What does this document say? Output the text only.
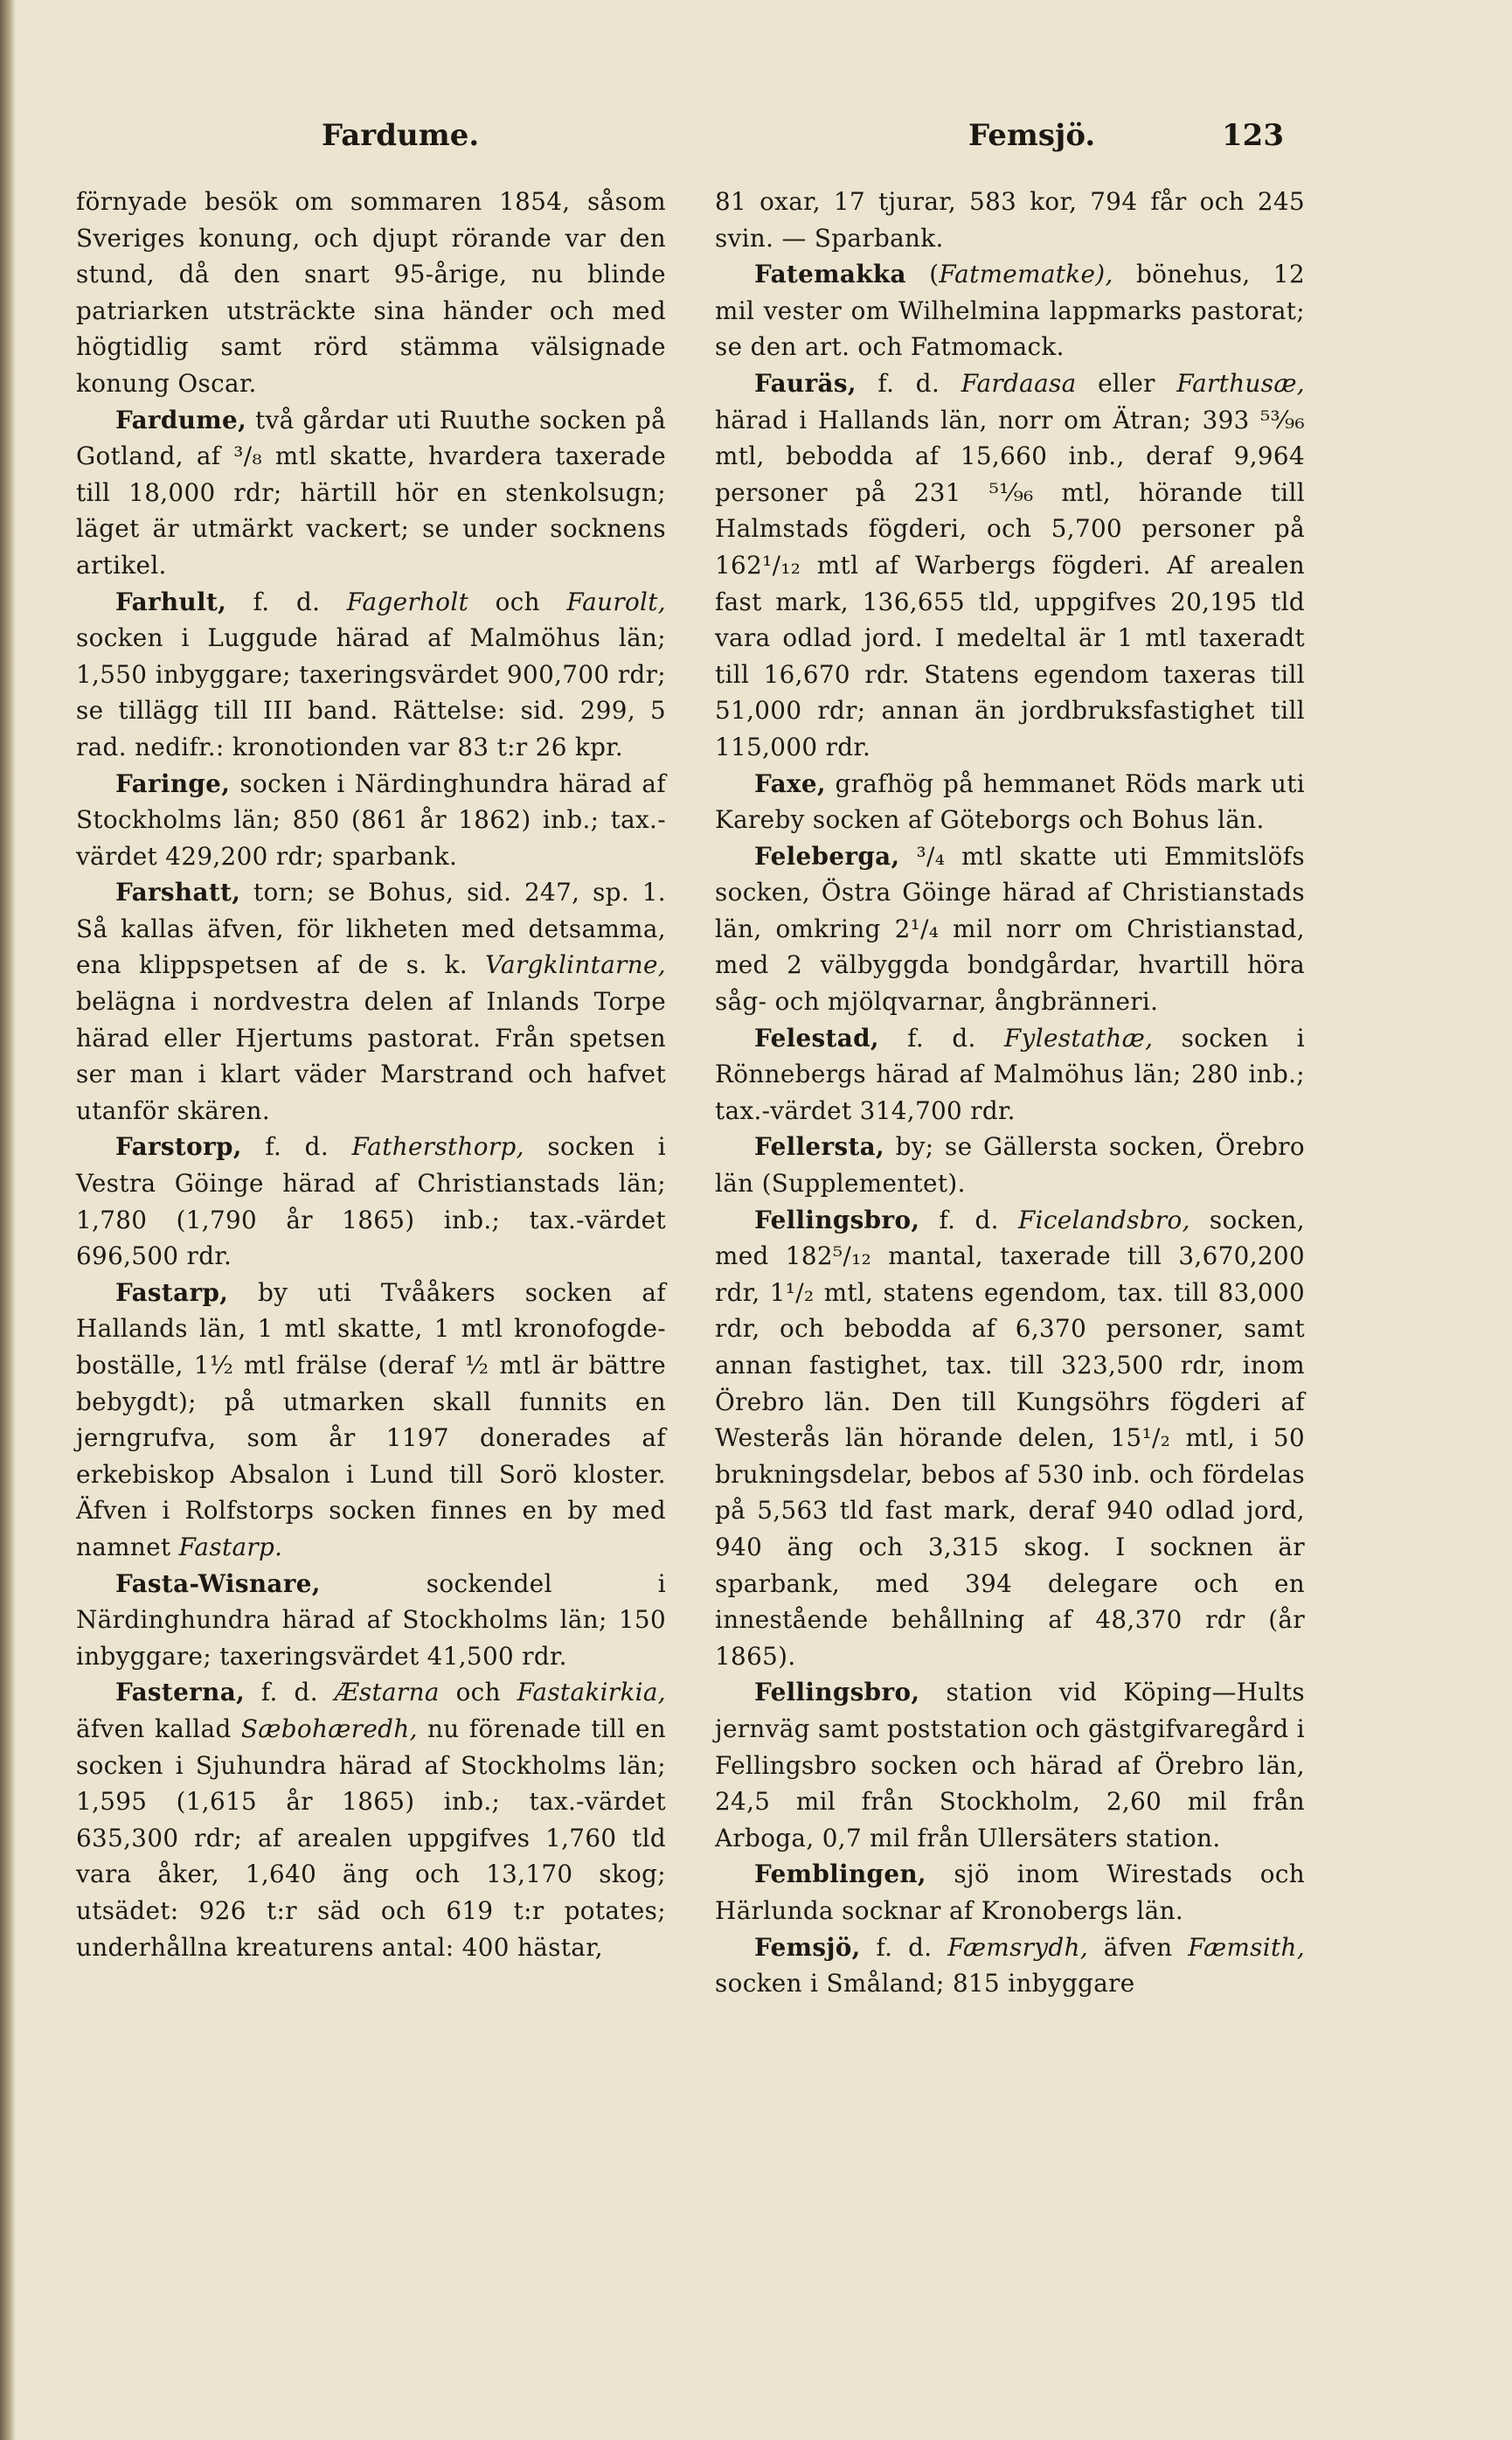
Fardume.	Femsjö.	123

förnyade besök om sommaren 1854, såsom Sveriges konung, och djupt rörande var den stund, då den snart 95-årige, nu blinde patriarken utsträckte sina händer och med högtidlig samt rörd stämma välsignade konung Oscar.

Fardume, två gårdar uti Ruuthe socken på Gotland, af ³/₈ mtl skatte, hvardera taxerade till 18,000 rdr; härtill hör en stenkolsugn; läget är utmärkt vackert; se under socknens artikel.

Farhult, f. d. Fagerholt och Faurolt, socken i Luggude härad af Malmöhus län; 1,550 inbyggare; taxeringsvärdet 900,700 rdr; se tillägg till III band. Rättelse: sid. 299, 5 rad. nedifr.: kronotionden var 83 t:r 26 kpr.

Faringe, socken i Närdinghundra härad af Stockholms län; 850 (861 år 1862) inb.; tax.-värdet 429,200 rdr; sparbank.

Farshatt, torn; se Bohus, sid. 247, sp. 1. Så kallas äfven, för likheten med detsamma, ena klippspetsen af de s. k. Vargklintarne, belägna i nordvestra delen af Inlands Torpe härad eller Hjertums pastorat. Från spetsen ser man i klart väder Marstrand och hafvet utanför skären.

Farstorp, f. d. Fathersthorp, socken i Vestra Göinge härad af Christianstads län; 1,780 (1,790 år 1865) inb.; tax.-värdet 696,500 rdr.

Fastarp, by uti Tvååkers socken af Hallands län, 1 mtl skatte, 1 mtl kronofogde-boställe, 1½ mtl frälse (deraf ½ mtl är bättre bebygdt); på utmarken skall funnits en jerngrufva, som år 1197 donerades af erkebiskop Absalon i Lund till Sorö kloster. Äfven i Rolfstorps socken finnes en by med namnet Fastarp.

Fasta-Wisnare, sockendel i Närdinghundra härad af Stockholms län; 150 inbyggare; taxeringsvärdet 41,500 rdr.

Fasterna, f. d. Æstarna och Fastakirkia, äfven kallad Sæbohæredh, nu förenade till en socken i Sjuhundra härad af Stockholms län; 1,595 (1,615 år 1865) inb.; tax.-värdet 635,300 rdr; af arealen uppgifves 1,760 tld vara åker, 1,640 äng och 13,170 skog; utsädet: 926 t:r säd och 619 t:r potates; underhållna kreaturens antal: 400 hästar,

81 oxar, 17 tjurar, 583 kor, 794 får och 245 svin. — Sparbank.

Fatemakka (Fatmematke), bönehus, 12 mil vester om Wilhelmina lappmarks pastorat; se den art. och Fatmomack.

Fauräs, f. d. Fardaasa eller Farthusæ, härad i Hallands län, norr om Ätran; 393 ⁵³⁄₉₆ mtl, bebodda af 15,660 inb., deraf 9,964 personer på 231 ⁵¹⁄₉₆ mtl, hörande till Halmstads fögderi, och 5,700 personer på 162¹/₁₂ mtl af Warbergs fögderi. Af arealen fast mark, 136,655 tld, uppgifves 20,195 tld vara odlad jord. I medeltal är 1 mtl taxeradt till 16,670 rdr. Statens egendom taxeras till 51,000 rdr; annan än jordbruksfastighet till 115,000 rdr.

Faxe, grafhög på hemmanet Röds mark uti Kareby socken af Göteborgs och Bohus län.

Feleberga, ³/₄ mtl skatte uti Emmitslöfs socken, Östra Göinge härad af Christianstads län, omkring 2¹/₄ mil norr om Christianstad, med 2 välbyggda bondgårdar, hvartill höra såg- och mjölqvarnar, ångbränneri.

Felestad, f. d. Fylestathæ, socken i Rönnebergs härad af Malmöhus län; 280 inb.; tax.-värdet 314,700 rdr.

Fellersta, by; se Gällersta socken, Örebro län (Supplementet).

Fellingsbro, f. d. Ficelandsbro, socken, med 182⁵/₁₂ mantal, taxerade till 3,670,200 rdr, 1¹/₂ mtl, statens egendom, tax. till 83,000 rdr, och bebodda af 6,370 personer, samt annan fastighet, tax. till 323,500 rdr, inom Örebro län. Den till Kungsöhrs fögderi af Westerås län hörande delen, 15¹/₂ mtl, i 50 brukningsdelar, bebos af 530 inb. och fördelas på 5,563 tld fast mark, deraf 940 odlad jord, 940 äng och 3,315 skog. I socknen är sparbank, med 394 delegare och en innestående behållning af 48,370 rdr (år 1865).

Fellingsbro, station vid Köping—Hults jernväg samt poststation och gästgifvaregård i Fellingsbro socken och härad af Örebro län, 24,5 mil från Stockholm, 2,60 mil från Arboga, 0,7 mil från Ullersäters station.

Femblingen, sjö inom Wirestads och Härlunda socknar af Kronobergs län.

Femsjö, f. d. Fæmsrydh, äfven Fæmsith, socken i Småland; 815 inbyggare
